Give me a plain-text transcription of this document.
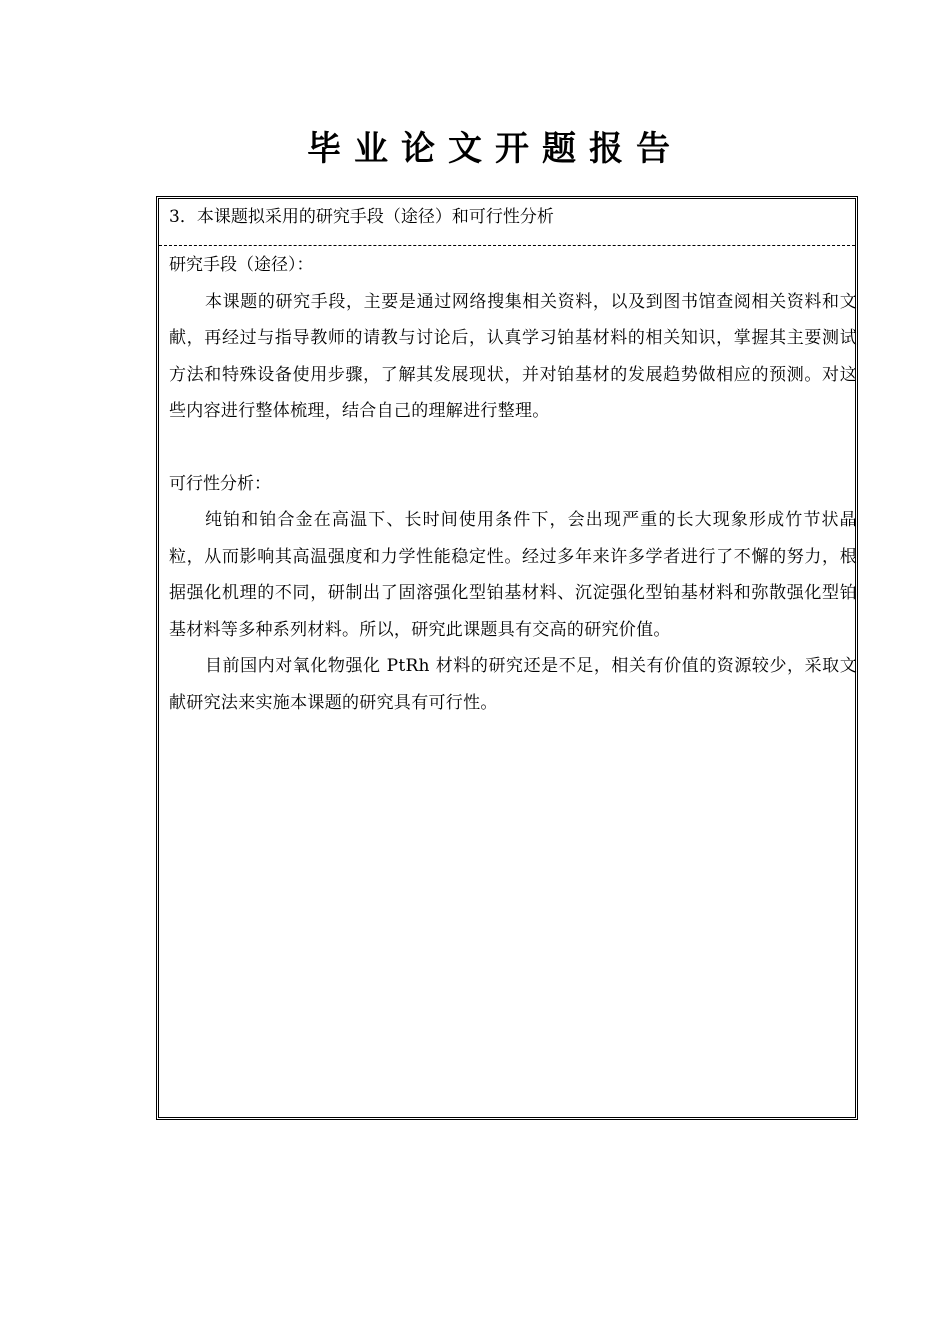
毕业论文开题报告
3．本课题拟采用的研究手段（途径）和可行性分析

研究手段（途径）：

本课题的研究手段，主要是通过网络搜集相关资料，以及到图书馆查阅相关资料和文献，再经过与指导教师的请教与讨论后，认真学习铂基材料的相关知识，掌握其主要测试方法和特殊设备使用步骤，了解其发展现状，并对铂基材的发展趋势做相应的预测。对这些内容进行整体梳理，结合自己的理解进行整理。

可行性分析：

纯铂和铂合金在高温下、长时间使用条件下，会出现严重的长大现象形成竹节状晶粒，从而影响其高温强度和力学性能稳定性。经过多年来许多学者进行了不懈的努力，根据强化机理的不同，研制出了固溶强化型铂基材料、沉淀强化型铂基材料和弥散强化型铂基材料等多种系列材料。所以，研究此课题具有交高的研究价值。

目前国内对氧化物强化 PtRh 材料的研究还是不足，相关有价值的资源较少，采取文献研究法来实施本课题的研究具有可行性。
